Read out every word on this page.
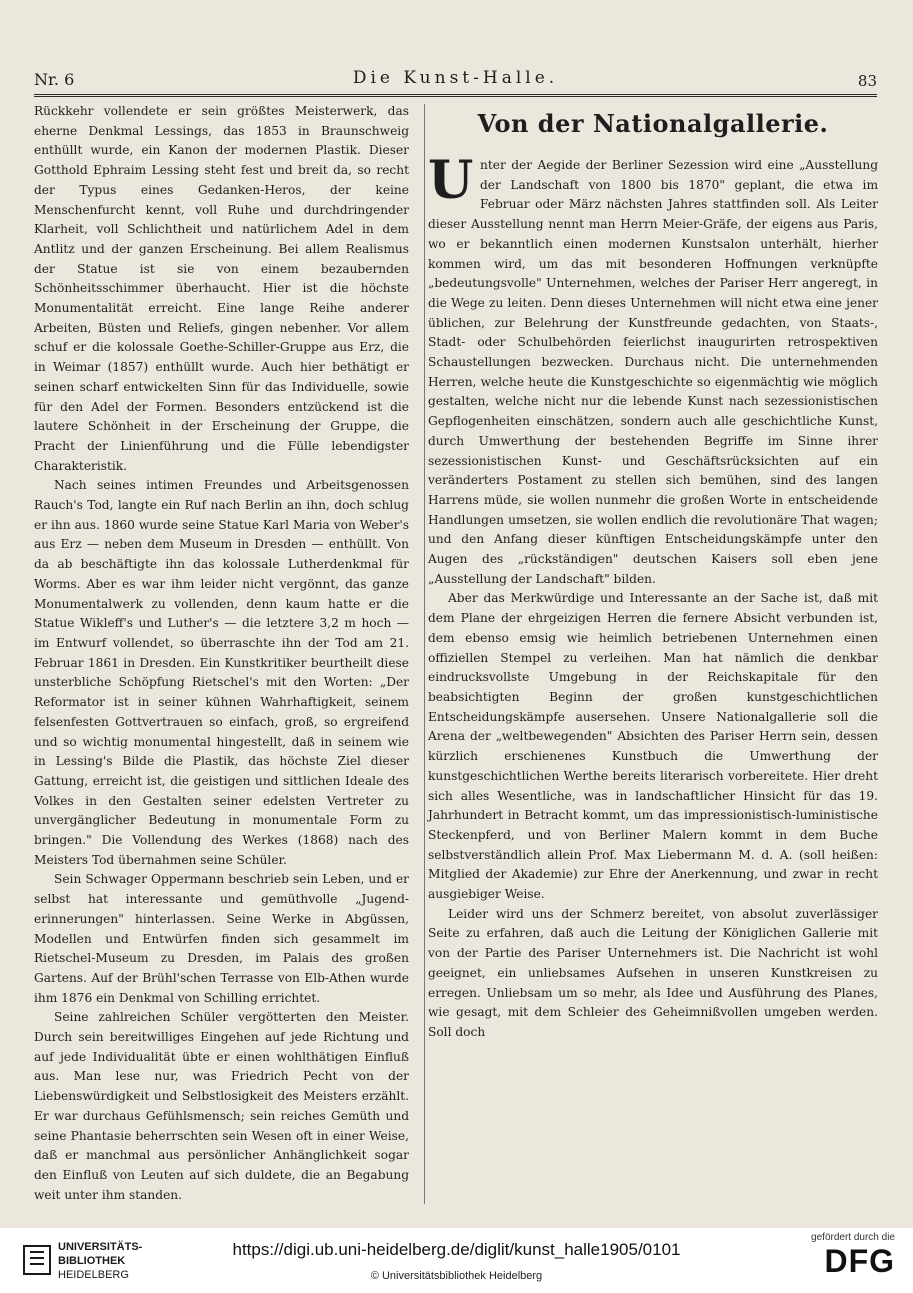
Nr. 6	Die Kunst-Halle.	83

Rückkehr vollendete er sein größtes Meisterwerk, das eherne Denkmal Lessings, das 1853 in Braunschweig enthüllt wurde, ein Kanon der modernen Plastik. Dieser Gotthold Ephraim Lessing steht fest und breit da, so recht der Typus eines Gedanken-Heros, der keine Menschenfurcht kennt, voll Ruhe und durchdringender Klarheit, voll Schlichtheit und natürlichem Adel in dem Antlitz und der ganzen Erscheinung. Bei allem Realismus der Statue ist sie von einem bezaubernden Schönheitsschimmer überhaucht. Hier ist die höchste Monumentalität erreicht. Eine lange Reihe anderer Arbeiten, Büsten und Reliefs, gingen nebenher. Vor allem schuf er die kolossale Goethe-Schiller-Gruppe aus Erz, die in Weimar (1857) enthüllt wurde. Auch hier bethätigt er seinen scharf entwickelten Sinn für das Individuelle, sowie für den Adel der Formen. Besonders entzückend ist die lautere Schönheit in der Erscheinung der Gruppe, die Pracht der Linienführung und die Fülle lebendigster Charakteristik.

Nach seines intimen Freundes und Arbeitsgenossen Rauch's Tod, langte ein Ruf nach Berlin an ihn, doch schlug er ihn aus. 1860 wurde seine Statue Karl Maria von Weber's aus Erz — neben dem Museum in Dresden — enthüllt. Von da ab beschäftigte ihn das kolossale Lutherdenkmal für Worms. Aber es war ihm leider nicht vergönnt, das ganze Monumentalwerk zu vollenden, denn kaum hatte er die Statue Wikleff's und Luther's — die letztere 3,2 m hoch — im Entwurf vollendet, so überraschte ihn der Tod am 21. Februar 1861 in Dresden. Ein Kunstkritiker beurtheilt diese unsterbliche Schöpfung Rietschel's mit den Worten: „Der Reformator ist in seiner kühnen Wahrhaftigkeit, seinem felsenfesten Gottvertrauen so einfach, groß, so ergreifend und so wichtig monumental hingestellt, daß in seinem wie in Lessing's Bilde die Plastik, das höchste Ziel dieser Gattung, erreicht ist, die geistigen und sittlichen Ideale des Volkes in den Gestalten seiner edelsten Vertreter zu unvergänglicher Bedeutung in monumentale Form zu bringen." Die Vollendung des Werkes (1868) nach des Meisters Tod übernahmen seine Schüler.

Sein Schwager Oppermann beschrieb sein Leben, und er selbst hat interessante und gemüthvolle „Jugend-erinnerungen" hinterlassen. Seine Werke in Abgüssen, Modellen und Entwürfen finden sich gesammelt im Rietschel-Museum zu Dresden, im Palais des großen Gartens. Auf der Brühl'schen Terrasse von Elb-Athen wurde ihm 1876 ein Denkmal von Schilling errichtet.

Seine zahlreichen Schüler vergötterten den Meister. Durch sein bereitwilliges Eingehen auf jede Richtung und auf jede Individualität übte er einen wohlthätigen Einfluß aus. Man lese nur, was Friedrich Pecht von der Liebenswürdigkeit und Selbstlosigkeit des Meisters erzählt. Er war durchaus Gefühlsmensch; sein reiches Gemüth und seine Phantasie beherrschten sein Wesen oft in einer Weise, daß er manchmal aus persönlicher Anhänglichkeit sogar den Einfluß von Leuten auf sich duldete, die an Begabung weit unter ihm standen.

Von der Nationalgallerie.

Unter der Aegide der Berliner Sezession wird eine „Ausstellung der Landschaft von 1800 bis 1870" geplant, die etwa im Februar oder März nächsten Jahres stattfinden soll. Als Leiter dieser Ausstellung nennt man Herrn Meier-Gräfe, der eigens aus Paris, wo er bekanntlich einen modernen Kunstsalon unterhält, hierher kommen wird, um das mit besonderen Hoffnungen verknüpfte „bedeutungsvolle" Unternehmen, welches der Pariser Herr angeregt, in die Wege zu leiten. Denn dieses Unternehmen will nicht etwa eine jener üblichen, zur Belehrung der Kunstfreunde gedachten, von Staats-, Stadt- oder Schulbehörden feierlichst inaugurirten retrospektiven Schaustellungen bezwecken. Durchaus nicht. Die unternehmenden Herren, welche heute die Kunstgeschichte so eigenmächtig wie möglich gestalten, welche nicht nur die lebende Kunst nach sezessionistischen Gepflogenheiten einschätzen, sondern auch alle geschichtliche Kunst, durch Umwerthung der bestehenden Begriffe im Sinne ihrer sezessionistischen Kunst- und Geschäftsrücksichten auf ein veränderters Postament zu stellen sich bemühen, sind des langen Harrens müde, sie wollen nunmehr die großen Worte in entscheidende Handlungen umsetzen, sie wollen endlich die revolutionäre That wagen; und den Anfang dieser künftigen Entscheidungskämpfe unter den Augen des „rückständigen" deutschen Kaisers soll eben jene „Ausstellung der Landschaft" bilden.

Aber das Merkwürdige und Interessante an der Sache ist, daß mit dem Plane der ehrgeizigen Herren die fernere Absicht verbunden ist, dem ebenso emsig wie heimlich betriebenen Unternehmen einen offiziellen Stempel zu verleihen. Man hat nämlich die denkbar eindrucksvollste Umgebung in der Reichskapitale für den beabsichtigten Beginn der großen kunstgeschichtlichen Entscheidungskämpfe ausersehen. Unsere Nationalgallerie soll die Arena der „weltbewegenden" Absichten des Pariser Herrn sein, dessen kürzlich erschienenes Kunstbuch die Umwerthung der kunstgeschichtlichen Werthe bereits literarisch vorbereitete. Hier dreht sich alles Wesentliche, was in landschaftlicher Hinsicht für das 19. Jahrhundert in Betracht kommt, um das impressionistisch-luministische Steckenpferd, und von Berliner Malern kommt in dem Buche selbstverständlich allein Prof. Max Liebermann M. d. A. (soll heißen: Mitglied der Akademie) zur Ehre der Anerkennung, und zwar in recht ausgiebiger Weise.

Leider wird uns der Schmerz bereitet, von absolut zuverlässiger Seite zu erfahren, daß auch die Leitung der Königlichen Gallerie mit von der Partie des Pariser Unternehmers ist. Die Nachricht ist wohl geeignet, ein unliebsames Aufsehen in unseren Kunstkreisen zu erregen. Unliebsam um so mehr, als Idee und Ausführung des Planes, wie gesagt, mit dem Schleier des Geheimnißvollen umgeben werden. Soll doch

UNIVERSITÄTS-
BIBLIOTHEK
HEIDELBERG
https://digi.ub.uni-heidelberg.de/diglit/kunst_halle1905/0101
© Universitätsbibliothek Heidelberg
gefördert durch die
DFG
